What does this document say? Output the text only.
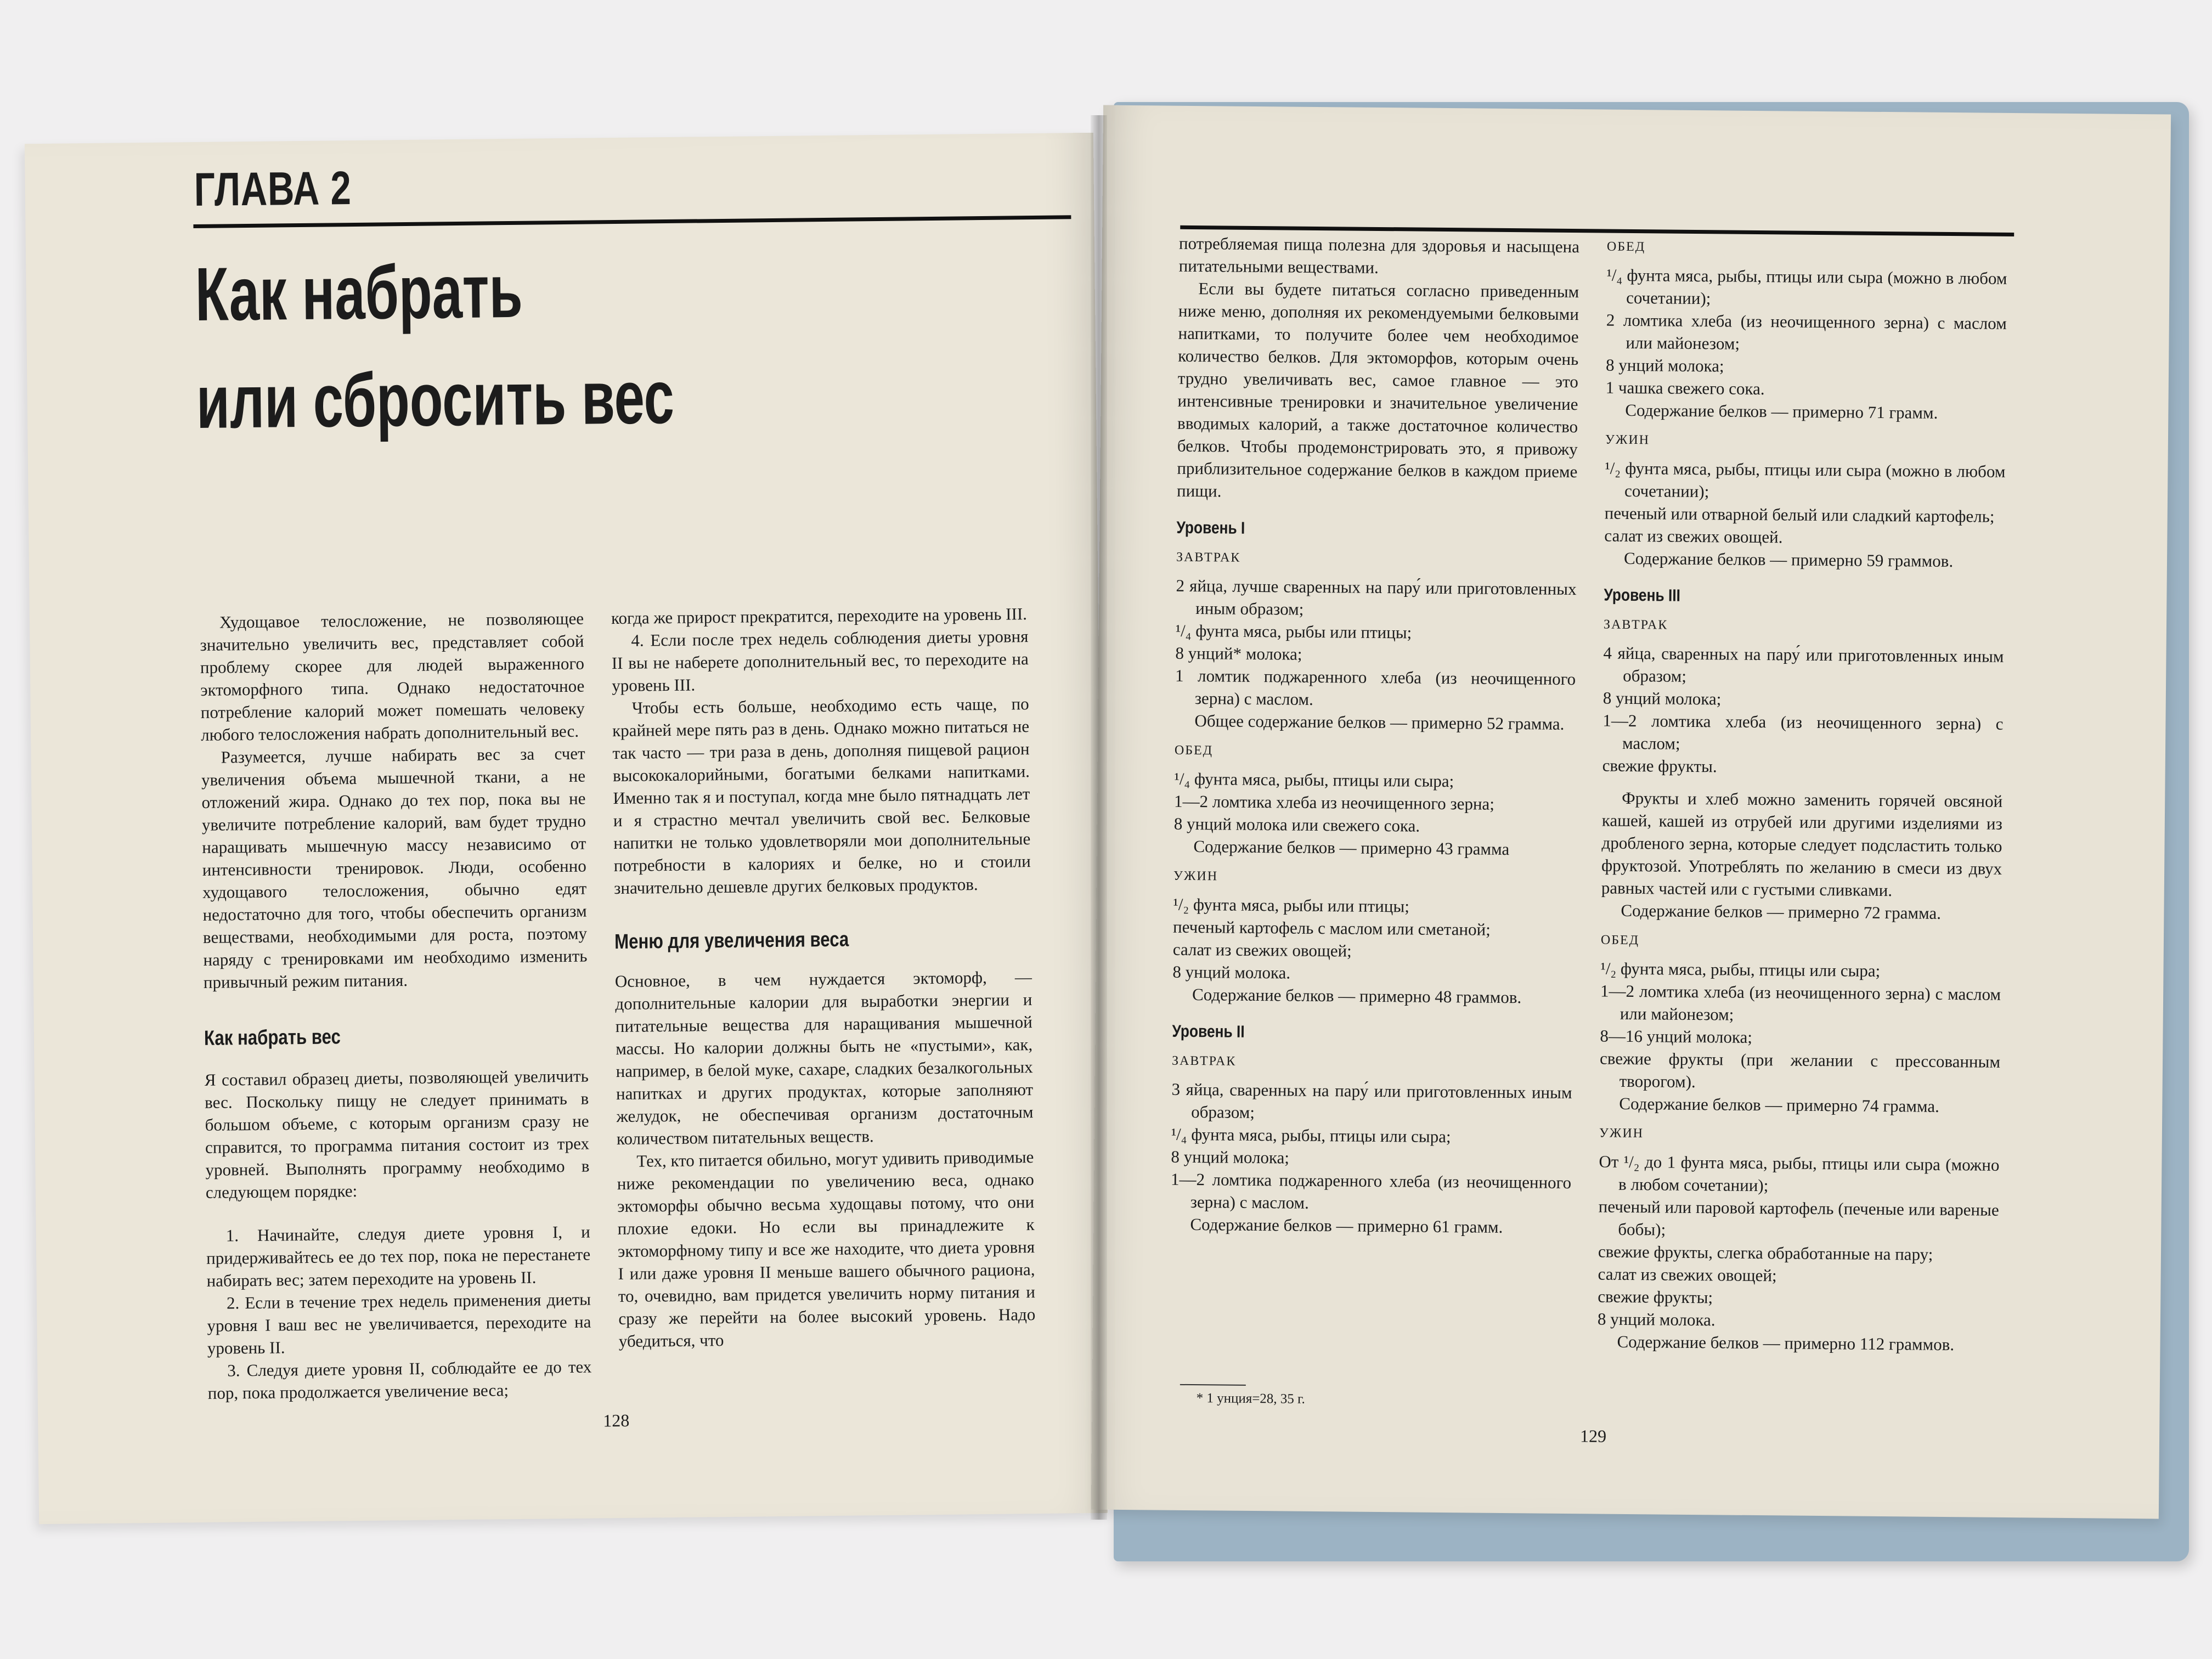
ГЛАВА 2
Как набрать
или сбросить вес

Худощавое телосложение, не позволяющее значительно увеличить вес, представляет собой проблему скорее для людей выраженного эктоморфного типа. Однако недостаточное потребление калорий может помешать человеку любого телосложения набрать дополнительный вес.

Разумеется, лучше набирать вес за счет увеличения объема мышечной ткани, а не отложений жира. Однако до тех пор, пока вы не увеличите потребление калорий, вам будет трудно наращивать мышечную массу независимо от интенсивности тренировок. Люди, особенно худощавого телосложения, обычно едят недостаточно для того, чтобы обеспечить организм веществами, необходимыми для роста, поэтому наряду с тренировками им необходимо изменить привычный режим питания.

Как набрать вес

Я составил образец диеты, позволяющей увеличить вес. Поскольку пищу не следует принимать в большом объеме, с которым организм сразу не справится, то программа питания состоит из трех уровней. Выполнять программу необходимо в следующем порядке:

1. Начинайте, следуя диете уровня I, и придерживайтесь ее до тех пор, пока не перестанете набирать вес; затем переходите на уровень II.

2. Если в течение трех недель применения диеты уровня I ваш вес не увеличивается, переходите на уровень II.

3. Следуя диете уровня II, соблюдайте ее до тех пор, пока продолжается увеличение веса;

когда же прирост прекратится, переходите на уровень III.

4. Если после трех недель соблюдения диеты уровня II вы не наберете дополнительный вес, то переходите на уровень III.

Чтобы есть больше, необходимо есть чаще, по крайней мере пять раз в день. Однако можно питаться не так часто — три раза в день, дополняя пищевой рацион высококалорийными, богатыми белками напитками. Именно так я и поступал, когда мне было пятнадцать лет и я страстно мечтал увеличить свой вес. Белковые напитки не только удовлетворяли мои дополнительные потребности в калориях и белке, но и стоили значительно дешевле других белковых продуктов.

Меню для увеличения веса

Основное, в чем нуждается эктоморф, — дополнительные калории для выработки энергии и питательные вещества для наращивания мышечной массы. Но калории должны быть не «пустыми», как, например, в белой муке, сахаре, сладких безалкогольных напитках и других продуктах, которые заполняют желудок, не обеспечивая организм достаточным количеством питательных веществ.

Тех, кто питается обильно, могут удивить приводимые ниже рекомендации по увеличению веса, однако эктоморфы обычно весьма худощавы потому, что они плохие едоки. Но если вы принадлежите к эктоморфному типу и все же находите, что диета уровня I или даже уровня II меньше вашего обычного рациона, то, очевидно, вам придется увеличить норму питания и сразу же перейти на более высокий уровень. Надо убедиться, что

128

потребляемая пища полезна для здоровья и насыщена питательными веществами.

Если вы будете питаться согласно приведенным ниже меню, дополняя их рекомендуемыми белковыми напитками, то получите более чем необходимое количество белков. Для эктоморфов, которым очень трудно увеличивать вес, самое главное — это интенсивные тренировки и значительное увеличение вводимых калорий, а также достаточное количество белков. Чтобы продемонстрировать это, я привожу приблизительное содержание белков в каждом приеме пищи.

Уровень I
ЗАВТРАК

2 яйца, лучше сваренных на пару́ или приготовленных иным образом;

¹/₄ фунта мяса, рыбы или птицы;

8 унций* молока;

1 ломтик поджаренного хлеба (из неочищенного зерна) с маслом.

Общее содержание белков — примерно 52 грамма.

ОБЕД

¹/₄ фунта мяса, рыбы, птицы или сыра;

1—2 ломтика хлеба из неочищенного зерна;

8 унций молока или свежего сока.

Содержание белков — примерно 43 грамма

УЖИН

¹/₂ фунта мяса, рыбы или птицы;

печеный картофель с маслом или сметаной;

салат из свежих овощей;

8 унций молока.

Содержание белков — примерно 48 граммов.

Уровень II
ЗАВТРАК

3 яйца, сваренных на пару́ или приготовленных иным образом;

¹/₄ фунта мяса, рыбы, птицы или сыра;

8 унций молока;

1—2 ломтика поджаренного хлеба (из неочищенного зерна) с маслом.

Содержание белков — примерно 61 грамм.

* 1 унция=28, 35 г.
ОБЕД

¹/₄ фунта мяса, рыбы, птицы или сыра (можно в любом сочетании);

2 ломтика хлеба (из неочищенного зерна) с маслом или майонезом;

8 унций молока;

1 чашка свежего сока.

Содержание белков — примерно 71 грамм.

УЖИН

¹/₂ фунта мяса, рыбы, птицы или сыра (можно в любом сочетании);

печеный или отварной белый или сладкий картофель;

салат из свежих овощей.

Содержание белков — примерно 59 граммов.

Уровень III
ЗАВТРАК

4 яйца, сваренных на пару́ или приготовленных иным образом;

8 унций молока;

1—2 ломтика хлеба (из неочищенного зерна) с маслом;

свежие фрукты.

Фрукты и хлеб можно заменить горячей овсяной кашей, кашей из отрубей или другими изделиями из дробленого зерна, которые следует подсластить только фруктозой. Употреблять по желанию в смеси из двух равных частей или с густыми сливками.

Содержание белков — примерно 72 грамма.

ОБЕД

¹/₂ фунта мяса, рыбы, птицы или сыра;

1—2 ломтика хлеба (из неочищенного зерна) с маслом или майонезом;

8—16 унций молока;

свежие фрукты (при желании с прессованным творогом).

Содержание белков — примерно 74 грамма.

УЖИН

От ¹/₂ до 1 фунта мяса, рыбы, птицы или сыра (можно в любом сочетании);

печеный или паровой картофель (печеные или вареные бобы);

свежие фрукты, слегка обработанные на пару;

салат из свежих овощей;

свежие фрукты;

8 унций молока.

Содержание белков — примерно 112 граммов.

129
